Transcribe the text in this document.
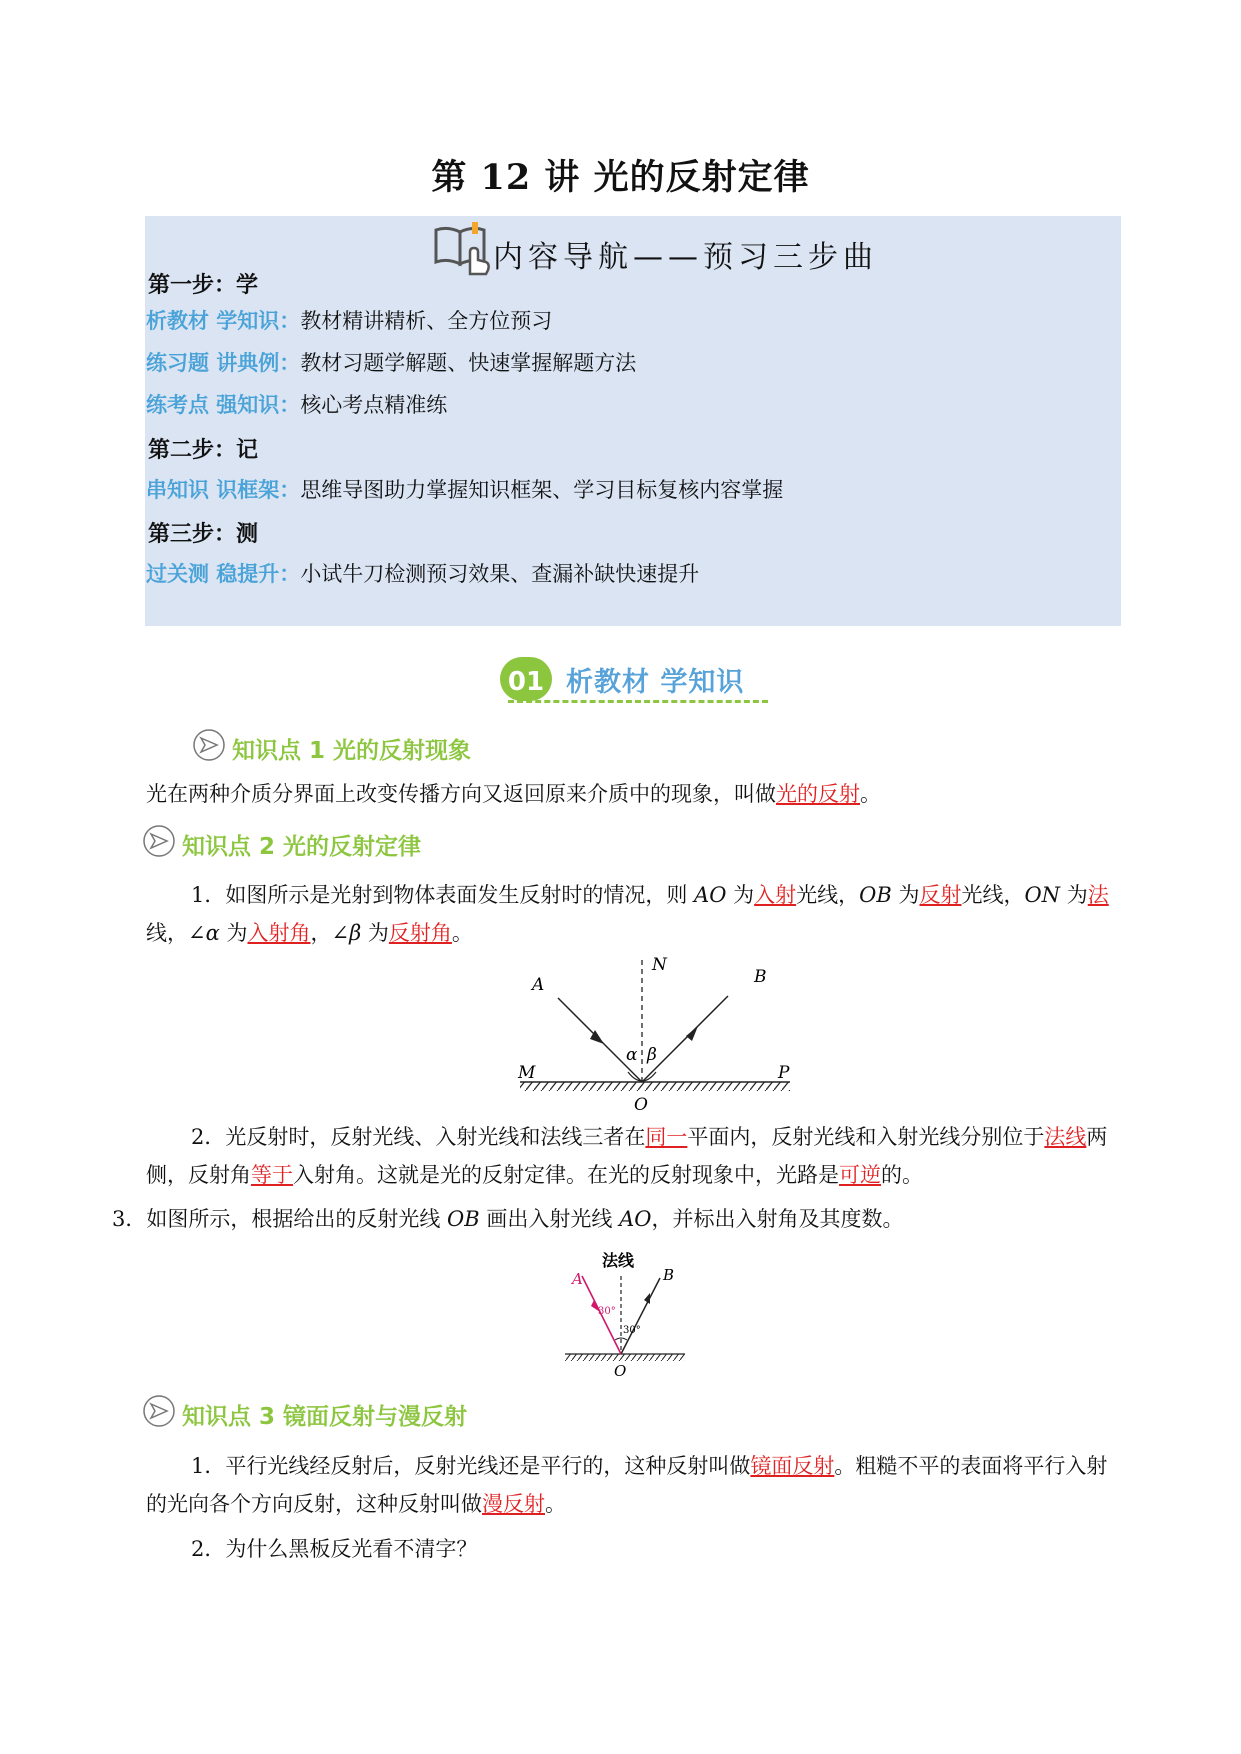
第 12 讲 光的反射定律
内容导航——预习三步曲
第一步：学
析教材 学知识：教材精讲精析、全方位预习
练习题 讲典例：教材习题学解题、快速掌握解题方法
练考点 强知识：核心考点精准练
第二步：记
串知识 识框架：思维导图助力掌握知识框架、学习目标复核内容掌握
第三步：测
过关测 稳提升：小试牛刀检测预习效果、查漏补缺快速提升
01 析教材 学知识
知识点 1 光的反射现象
光在两种介质分界面上改变传播方向又返回原来介质中的现象，叫做光的反射。
知识点 2 光的反射定律
1．如图所示是光射到物体表面发生反射时的情况，则 AO 为入射光线，OB 为反射光线，ON 为法线，∠α 为入射角，∠β 为反射角。
A	B
N
M	P
O
α β
2．光反射时，反射光线、入射光线和法线三者在同一平面内，反射光线和入射光线分别位于法线两侧，反射角等于入射角。这就是光的反射定律。在光的反射现象中，光路是可逆的。
3．如图所示，根据给出的反射光线 OB 画出入射光线 AO，并标出入射角及其度数。
法线
A	B
O
30°
30°
知识点 3 镜面反射与漫反射
1．平行光线经反射后，反射光线还是平行的，这种反射叫做镜面反射。粗糙不平的表面将平行入射的光向各个方向反射，这种反射叫做漫反射。
2．为什么黑板反光看不清字？
